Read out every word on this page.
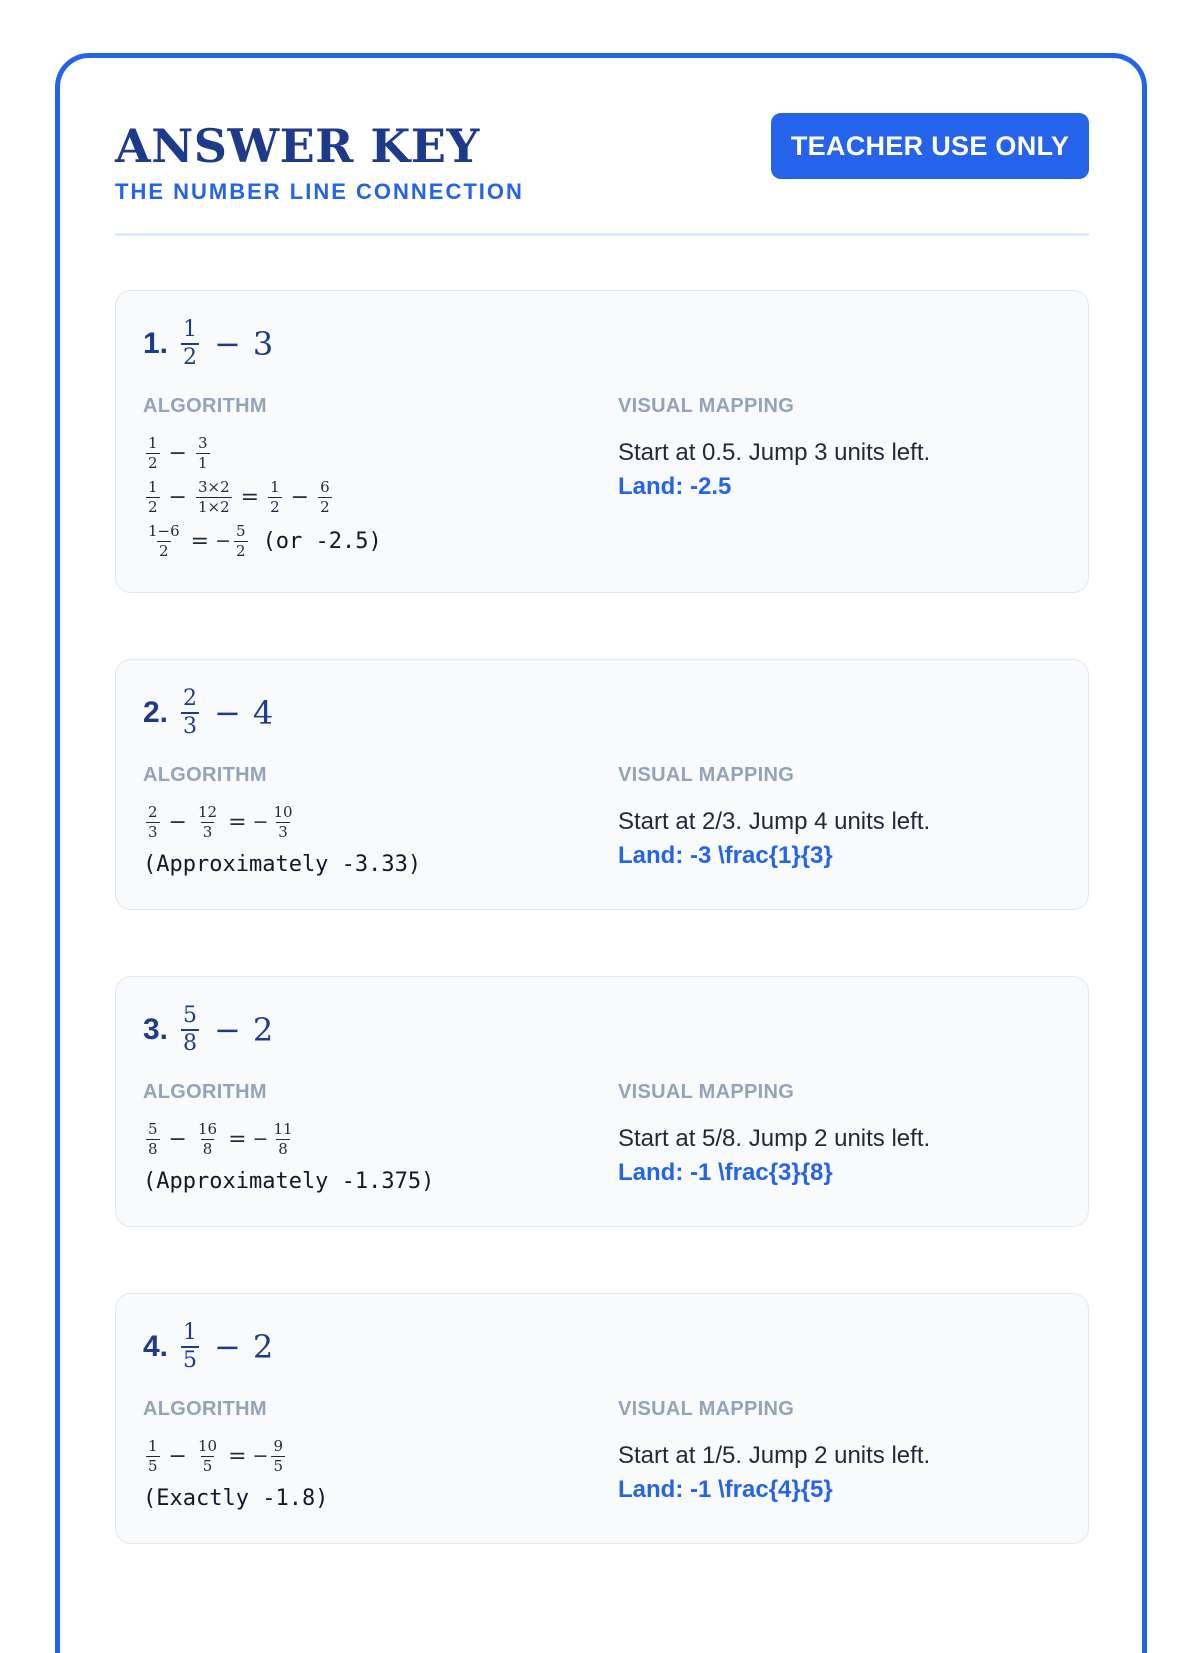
ANSWER KEY
THE NUMBER LINE CONNECTION
TEACHER USE ONLY
1. $\frac{1}{2} - 3$
ALGORITHM	VISUAL MAPPING
$\frac{1}{2} - \frac{3}{1}$
$\frac{1}{2} - \frac{3\times 2}{1\times 2} = \frac{1}{2} - \frac{6}{2}$
$\frac{1-6}{2}$ = − $\frac{5}{2} (or$ -2.5)
Start at 0.5. Jump 3 units left.
Land: -2.5
2. $\frac{2}{3} - 4$
ALGORITHM	VISUAL MAPPING
$\frac{2}{3} - \frac{12}{3}$ = − $\frac{10}{3}$
(Approximately -3.33)
Start at 2/3. Jump 4 units left.
Land: -3 \frac{1}{3}
3. $\frac{5}{8} - 2$
ALGORITHM	VISUAL MAPPING
$\frac{5}{8} - \frac{16}{8}$ = − $\frac{11}{8}$
(Approximately -1.375)
Start at 5/8. Jump 2 units left.
Land: -1 \frac{3}{8}
4. $\frac{1}{5} - 2$
ALGORITHM	VISUAL MAPPING
$\frac{1}{5} - \frac{10}{5}$ = − $\frac{9}{5}$
(Exactly -1.8)
Start at 1/5. Jump 2 units left.
Land: -1 \frac{4}{5}
